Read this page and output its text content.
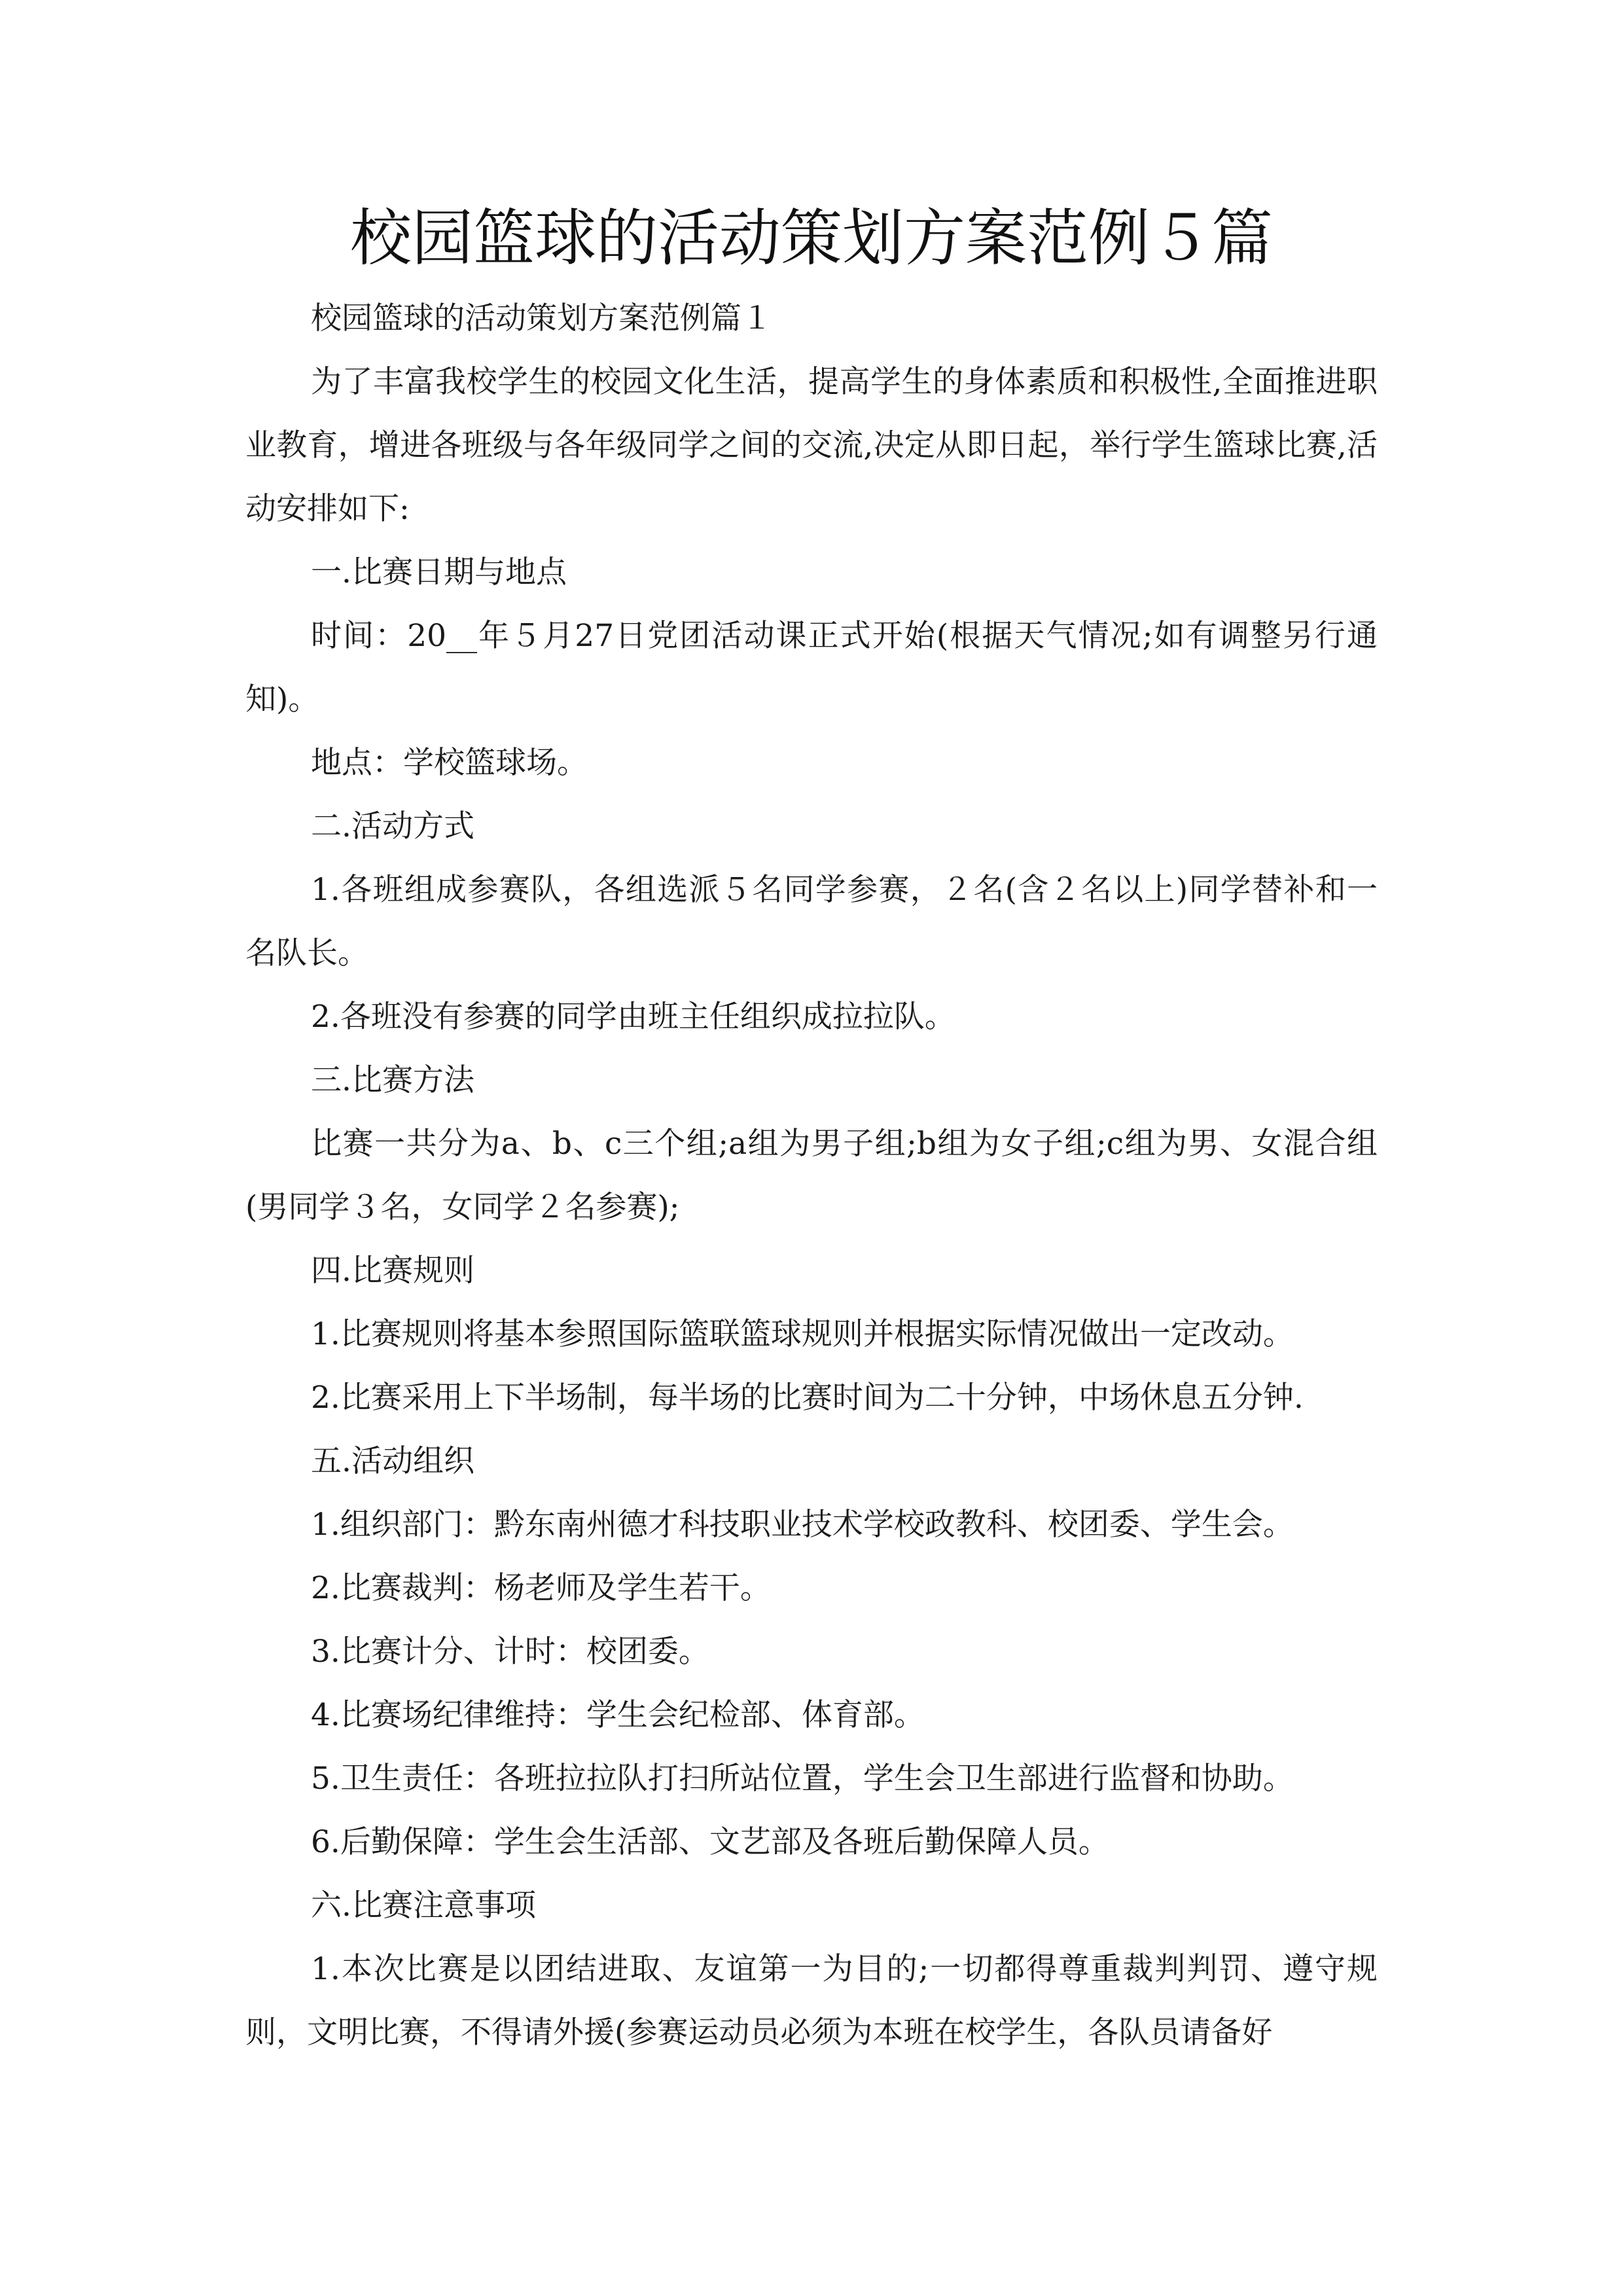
校园篮球的活动策划方案范例５篇

校园篮球的活动策划方案范例篇１

为了丰富我校学生的校园文化生活，提高学生的身体素质和积极性,全面推进职业教育，增进各班级与各年级同学之间的交流,决定从即日起，举行学生篮球比赛,活动安排如下:

一.比赛日期与地点

时间：20__年５月27日党团活动课正式开始(根据天气情况;如有调整另行通知)。

地点：学校篮球场。

二.活动方式

1.各班组成参赛队，各组选派５名同学参赛，２名(含２名以上)同学替补和一名队长。

2.各班没有参赛的同学由班主任组织成拉拉队。

三.比赛方法

比赛一共分为a、b、c三个组;a组为男子组;b组为女子组;c组为男、女混合组(男同学３名，女同学２名参赛);

四.比赛规则

1.比赛规则将基本参照国际篮联篮球规则并根据实际情况做出一定改动。

2.比赛采用上下半场制，每半场的比赛时间为二十分钟，中场休息五分钟.

五.活动组织

1.组织部门：黔东南州德才科技职业技术学校政教科、校团委、学生会。

2.比赛裁判：杨老师及学生若干。

3.比赛计分、计时：校团委。

4.比赛场纪律维持：学生会纪检部、体育部。

5.卫生责任：各班拉拉队打扫所站位置，学生会卫生部进行监督和协助。

6.后勤保障：学生会生活部、文艺部及各班后勤保障人员。

六.比赛注意事项

1.本次比赛是以团结进取、友谊第一为目的;一切都得尊重裁判判罚、遵守规则，文明比赛，不得请外援(参赛运动员必须为本班在校学生，各队员请备好
